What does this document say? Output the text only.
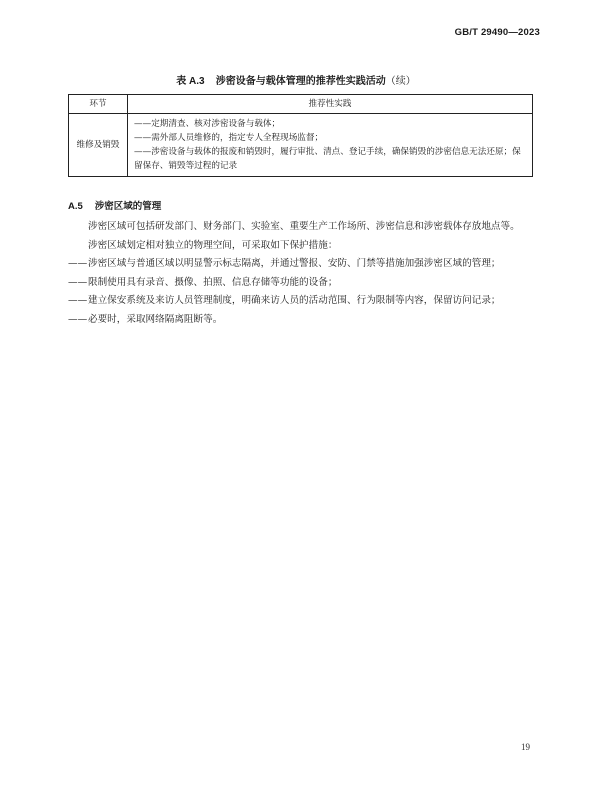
GB/T 29490—2023
表 A.3 涉密设备与载体管理的推荐性实践活动（续）
环节	推荐性实践
维修及销毁	——定期清查、核对涉密设备与载体；
——需外部人员维修的，指定专人全程现场监督；
——涉密设备与载体的报废和销毁时，履行审批、清点、登记手续，确保销毁的涉密信息无法还原；保留保存、销毁等过程的记录
A.5 涉密区域的管理

涉密区域可包括研发部门、财务部门、实验室、重要生产工作场所、涉密信息和涉密载体存放地点等。

涉密区域划定相对独立的物理空间，可采取如下保护措施：

——涉密区域与普通区域以明显警示标志隔离，并通过警报、安防、门禁等措施加强涉密区域的管理；

——限制使用具有录音、摄像、拍照、信息存储等功能的设备；

——建立保安系统及来访人员管理制度，明确来访人员的活动范围、行为限制等内容，保留访问记录；

——必要时，采取网络隔离阻断等。

19
